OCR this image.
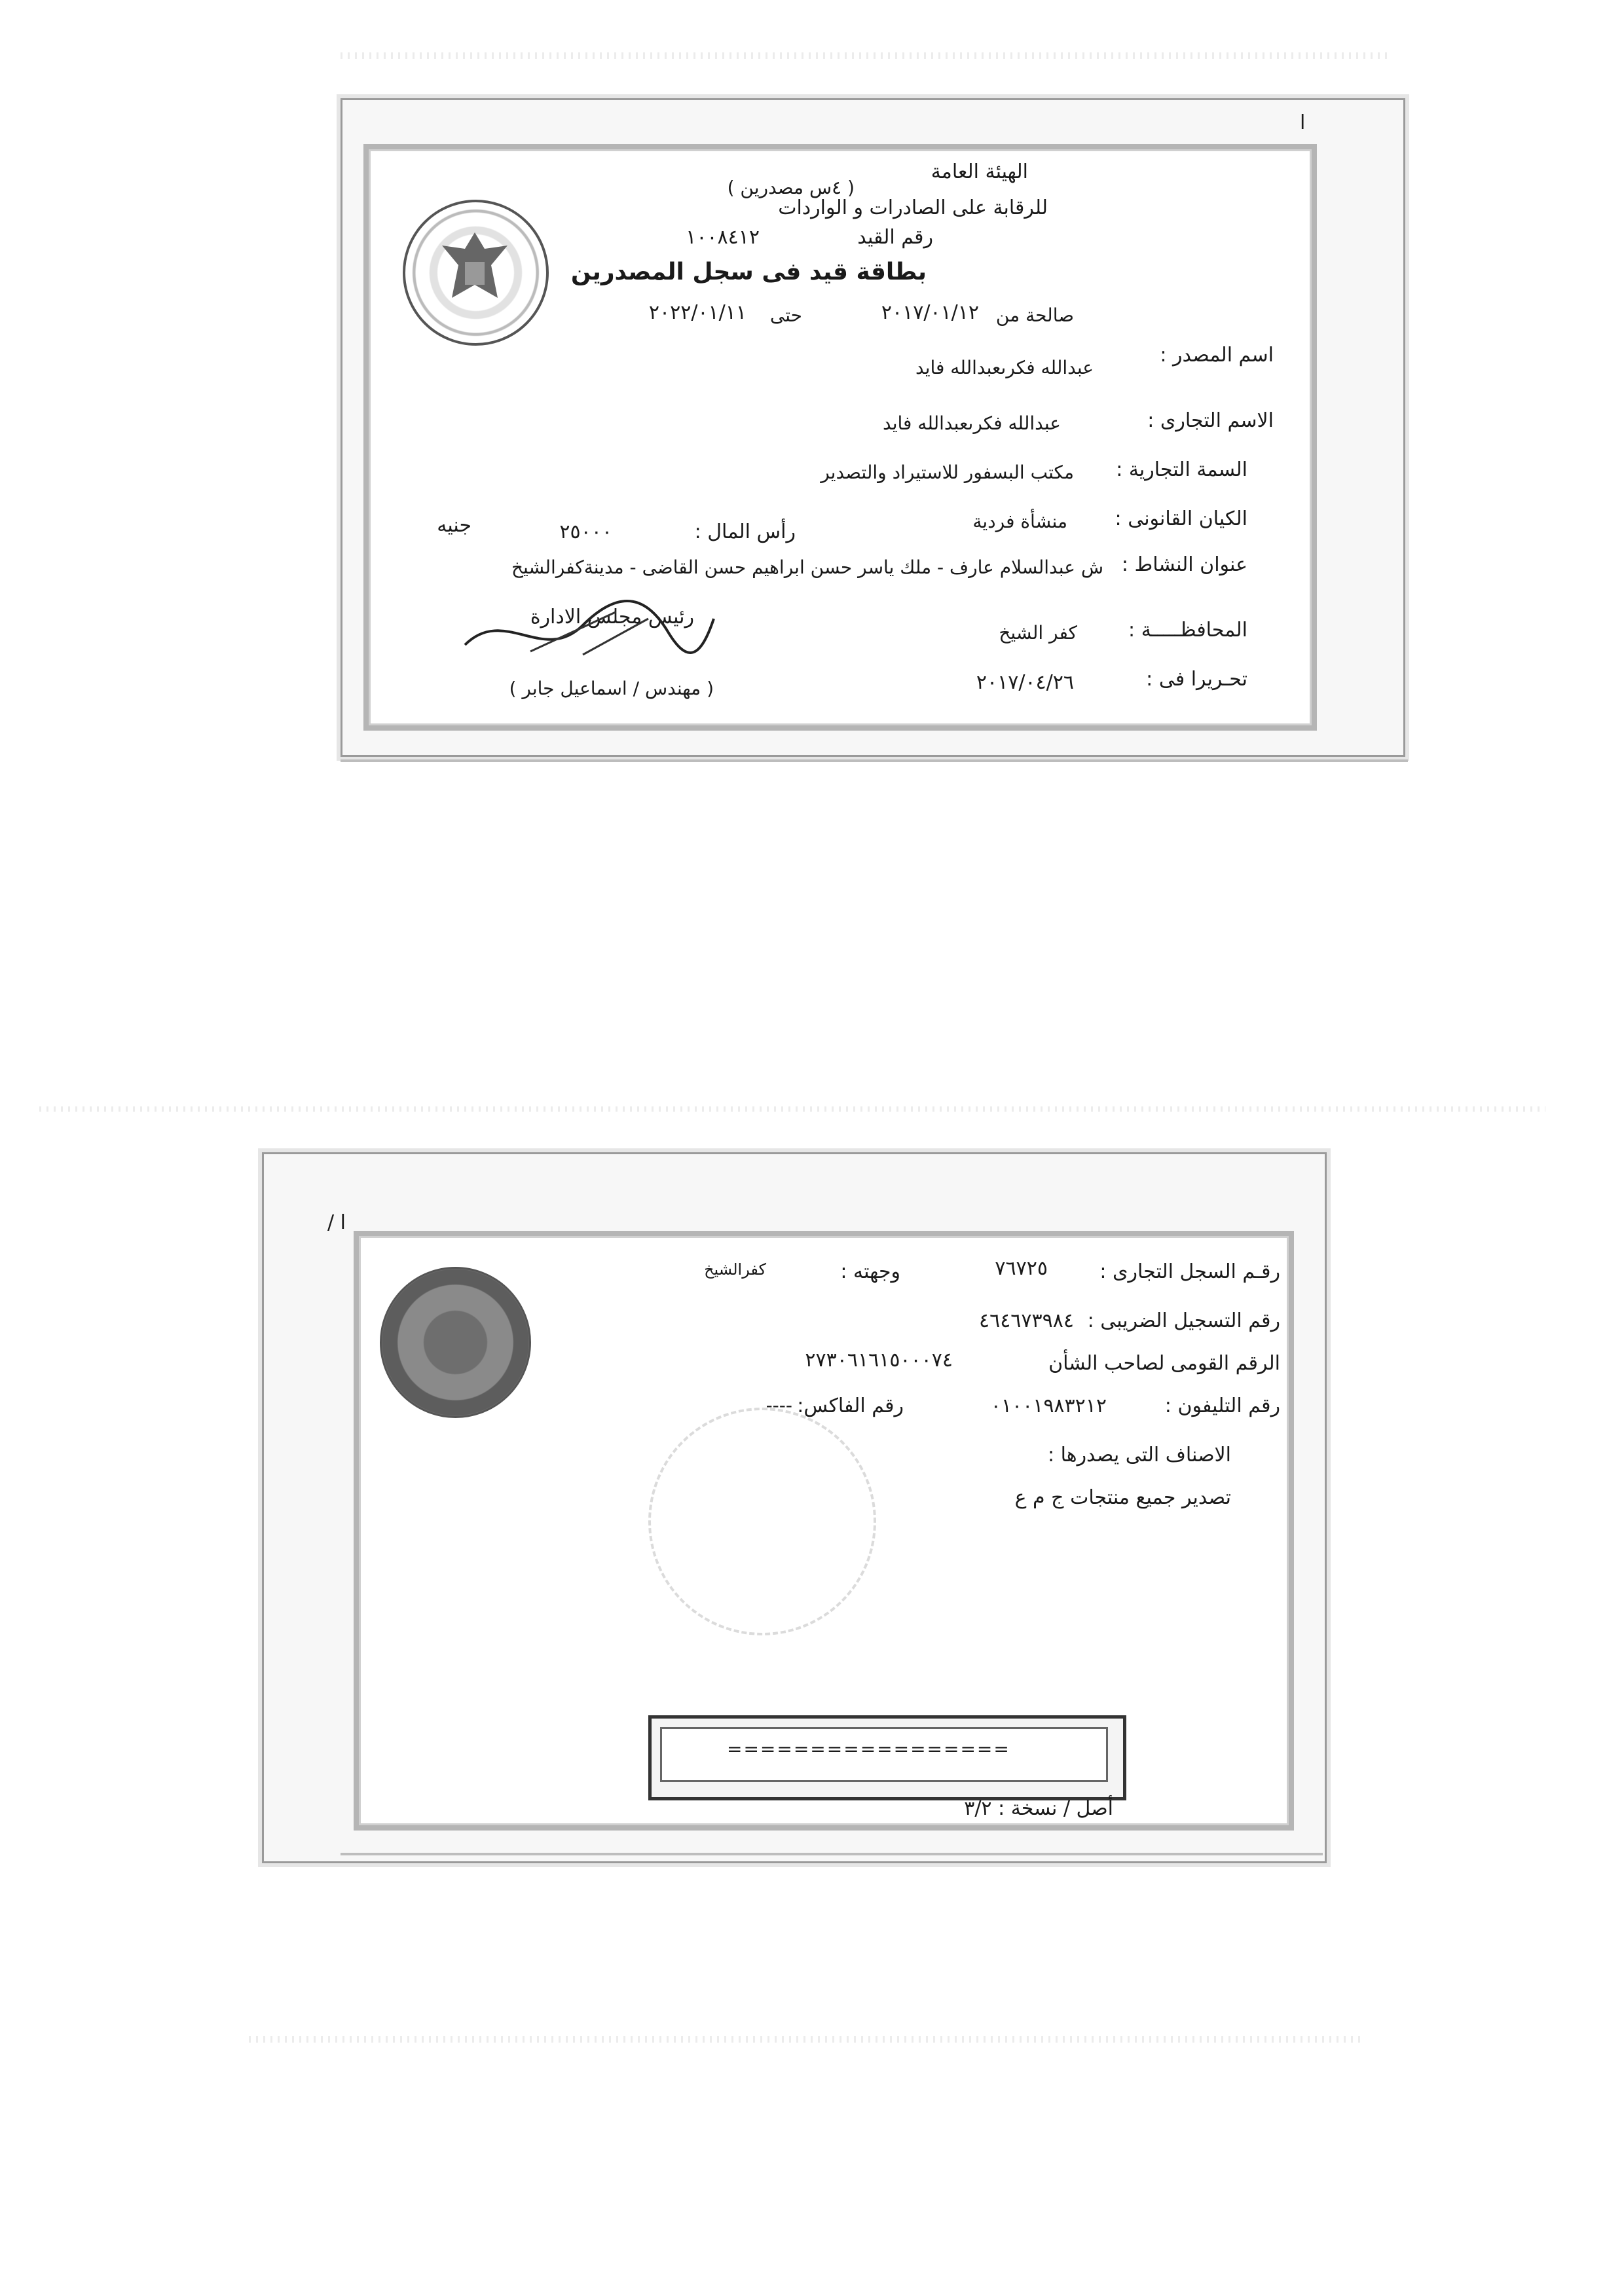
ا
الهيئة العامة
( ٤س مصدرين )
للرقابة على الصادرات و الواردات
رقم القيد
١٠٠٨٤١٢
بطاقة قيد فى سجل المصدرين
صالحة من
٢٠١٧/٠١/١٢
حتى
٢٠٢٢/٠١/١١
اسم المصدر :
عبدالله فكرىعبدالله فايد
الاسم التجارى :
عبدالله فكرىعبدالله فايد
السمة التجارية :
مكتب البسفور للاستيراد والتصدير
الكيان القانونى :
منشأة فردية
رأس المال :
٢٥٠٠٠
جنيه
عنوان النشاط :
ش عبدالسلام عارف - ملك ياسر حسن ابراهيم حسن القاضى - مدينةكفرالشيخ
رئيس مجلس الادارة
المحافظـــــة :
كفر الشيخ
( مهندس / اسماعيل جابر )	تحـريرا فى :
٢٠١٧/٠٤/٢٦
ا /
رقـم السجل التجارى :
٧٦٧٢٥
وجهته :
كفرالشيخ
رقم التسجيل الضريبى :
٤٦٤٦٧٣٩٨٤
الرقم القومى لصاحب الشأن
٢٧٣٠٦١٦١٥٠٠٠٧٤
رقم التليفون :
٠١٠٠١٩٨٣٢١٢
رقم الفاكس:
----
الاصناف التى يصدرها :
تصدير جميع منتجات ج م ع
=================
أصل / نسخة : ٣/٢
